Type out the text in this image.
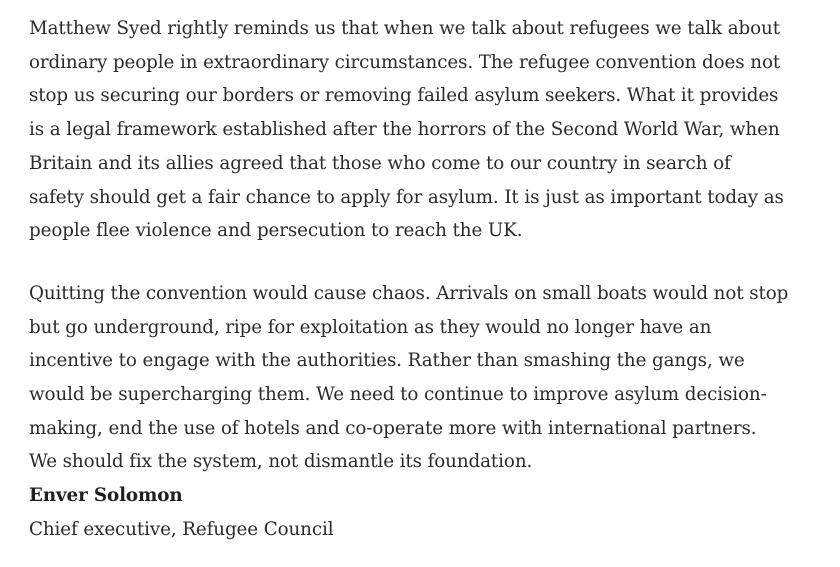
Matthew Syed rightly reminds us that when we talk about refugees we talk about ordinary people in extraordinary circumstances. The refugee convention does not stop us securing our borders or removing failed asylum seekers. What it provides is a legal framework established after the horrors of the Second World War, when Britain and its allies agreed that those who come to our country in search of safety should get a fair chance to apply for asylum. It is just as important today as people flee violence and persecution to reach the UK.

Quitting the convention would cause chaos. Arrivals on small boats would not stop but go underground, ripe for exploitation as they would no longer have an incentive to engage with the authorities. Rather than smashing the gangs, we would be supercharging them. We need to continue to improve asylum decision-making, end the use of hotels and co-operate more with international partners. We should fix the system, not dismantle its foundation.

Enver Solomon

Chief executive, Refugee Council
